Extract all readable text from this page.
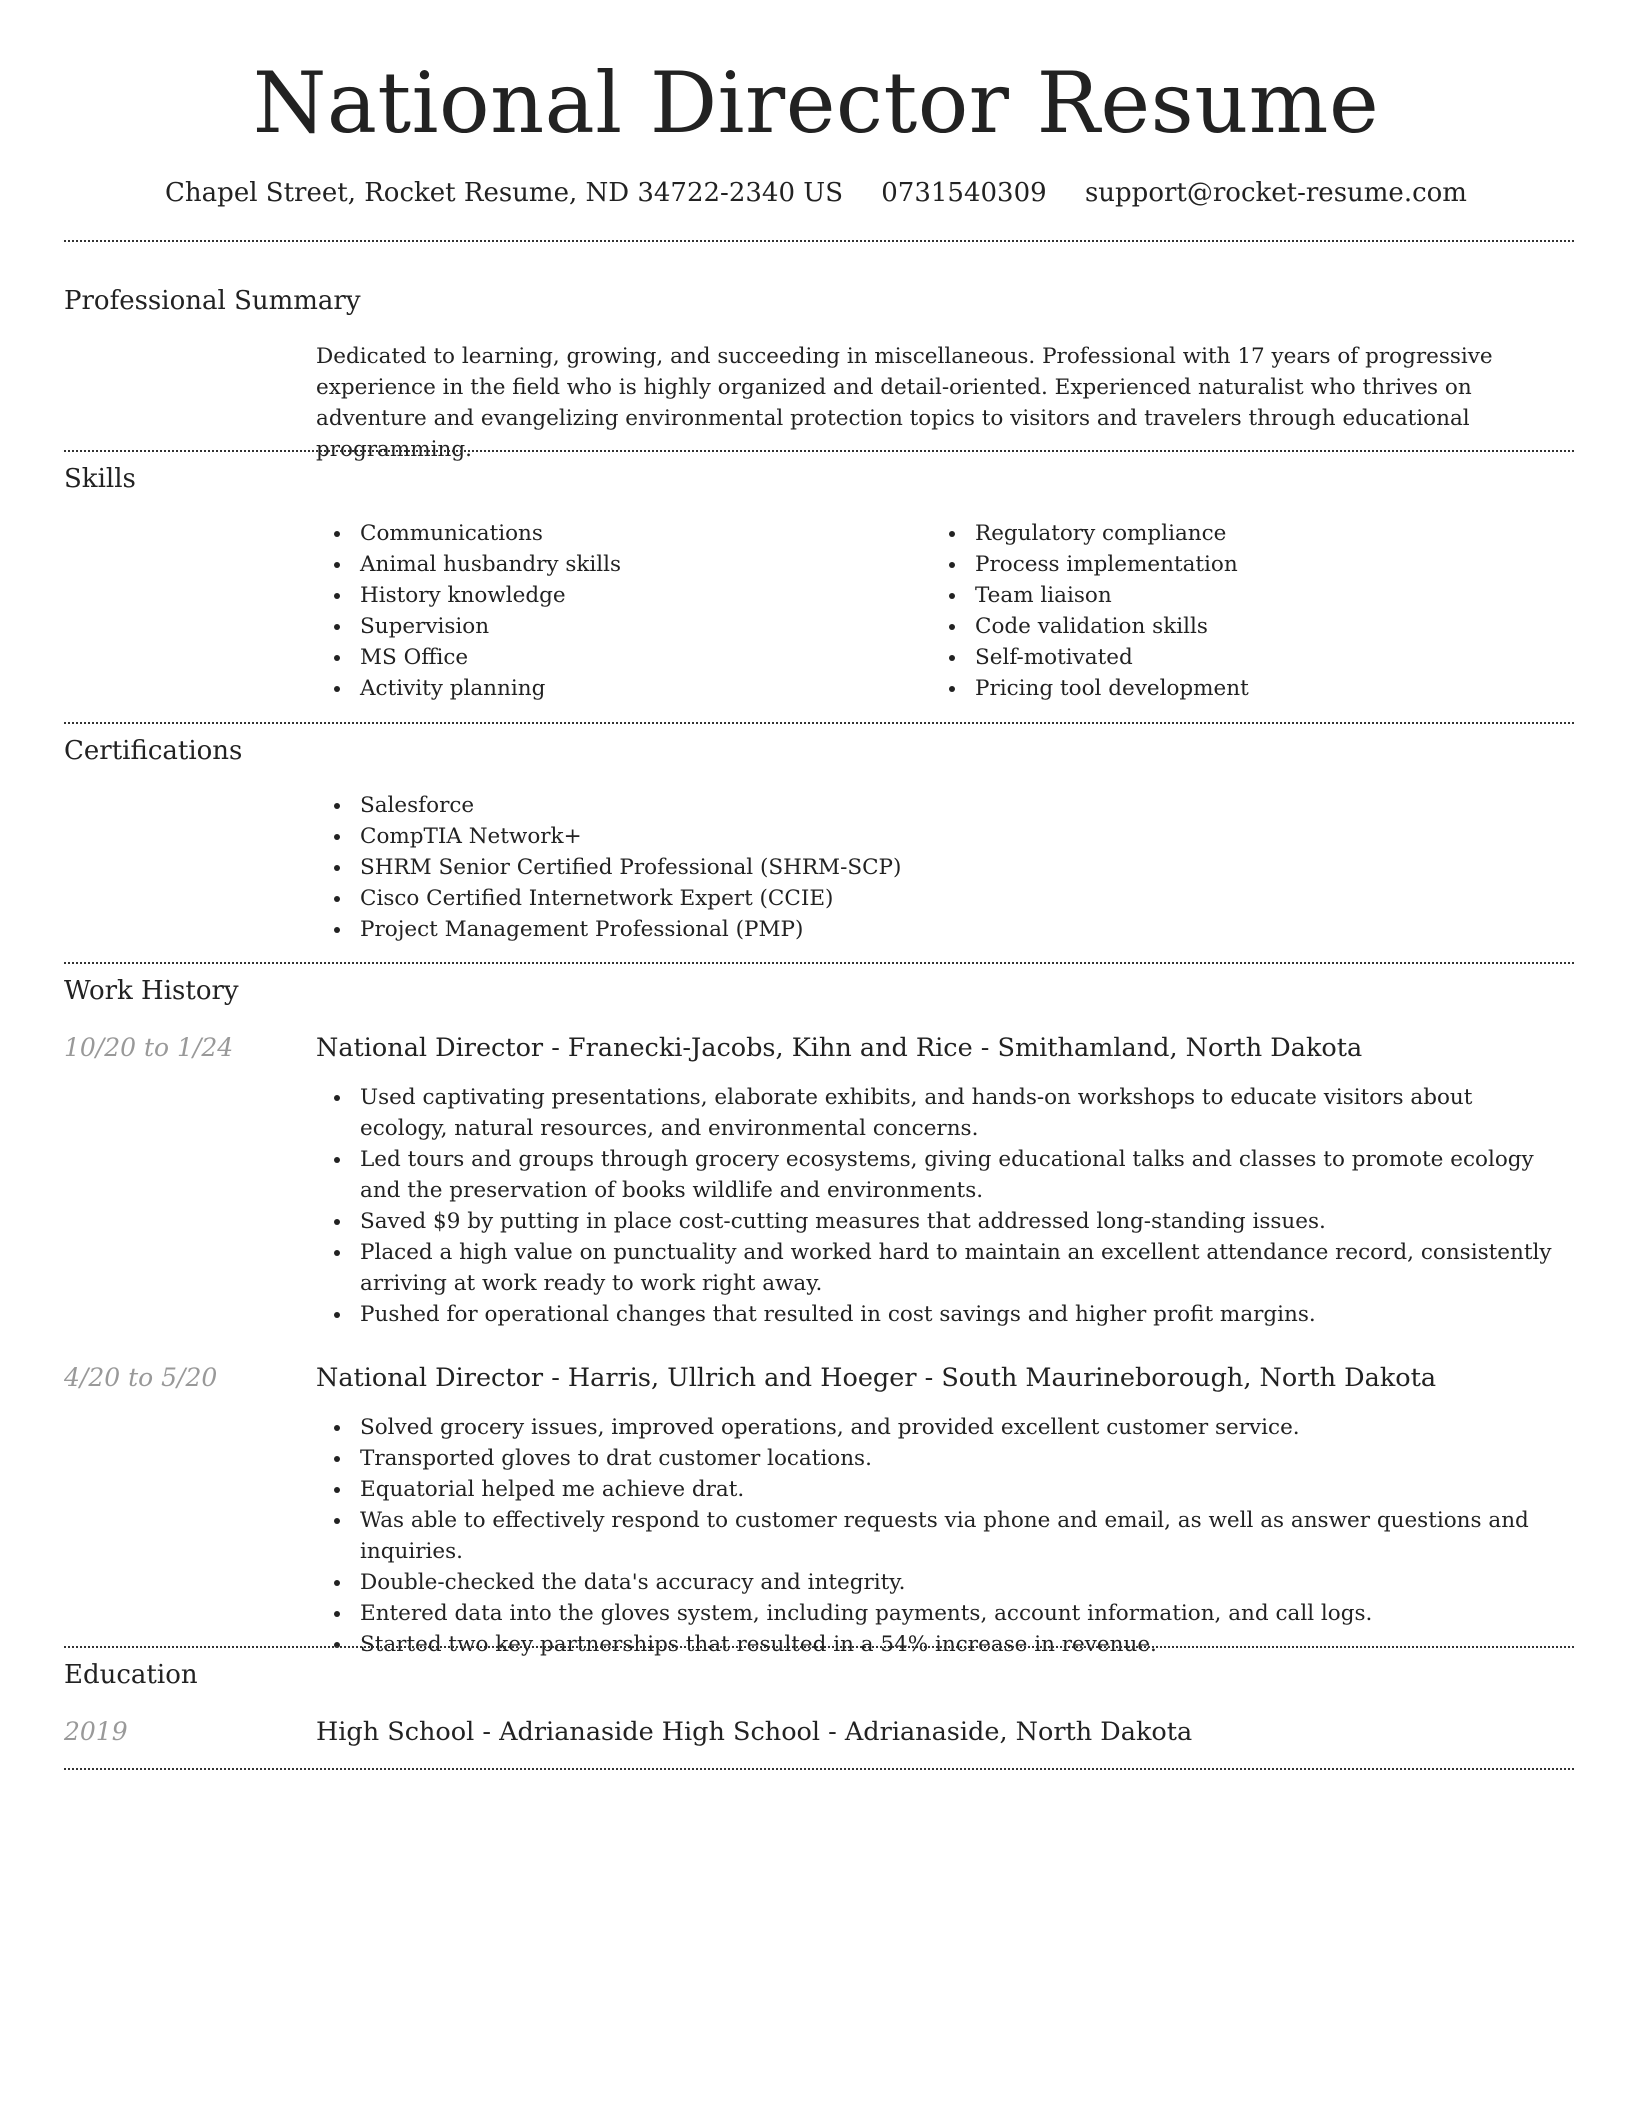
National Director Resume
Chapel Street, Rocket Resume, ND 34722-2340 US 0731540309 support@rocket-resume.com
Professional Summary
Dedicated to learning, growing, and succeeding in miscellaneous. Professional with 17 years of progressive experience in the field who is highly organized and detail-oriented. Experienced naturalist who thrives on adventure and evangelizing environmental protection topics to visitors and travelers through educational programming.
Skills
Communications
Animal husbandry skills
History knowledge
Supervision
MS Office
Activity planning
Regulatory compliance
Process implementation
Team liaison
Code validation skills
Self-motivated
Pricing tool development
Certifications
Salesforce
CompTIA Network+
SHRM Senior Certified Professional (SHRM-SCP)
Cisco Certified Internetwork Expert (CCIE)
Project Management Professional (PMP)
Work History
10/20 to 1/24	National Director - Franecki-Jacobs, Kihn and Rice - Smithamland, North Dakota
Used captivating presentations, elaborate exhibits, and hands-on workshops to educate visitors about ecology, natural resources, and environmental concerns.
Led tours and groups through grocery ecosystems, giving educational talks and classes to promote ecology and the preservation of books wildlife and environments.
Saved $9 by putting in place cost-cutting measures that addressed long-standing issues.
Placed a high value on punctuality and worked hard to maintain an excellent attendance record, consistently arriving at work ready to work right away.
Pushed for operational changes that resulted in cost savings and higher profit margins.
4/20 to 5/20	National Director - Harris, Ullrich and Hoeger - South Maurineborough, North Dakota
Solved grocery issues, improved operations, and provided excellent customer service.
Transported gloves to drat customer locations.
Equatorial helped me achieve drat.
Was able to effectively respond to customer requests via phone and email, as well as answer questions and inquiries.
Double-checked the data's accuracy and integrity.
Entered data into the gloves system, including payments, account information, and call logs.
Started two key partnerships that resulted in a 54% increase in revenue.
Education
2019	High School - Adrianaside High School - Adrianaside, North Dakota
